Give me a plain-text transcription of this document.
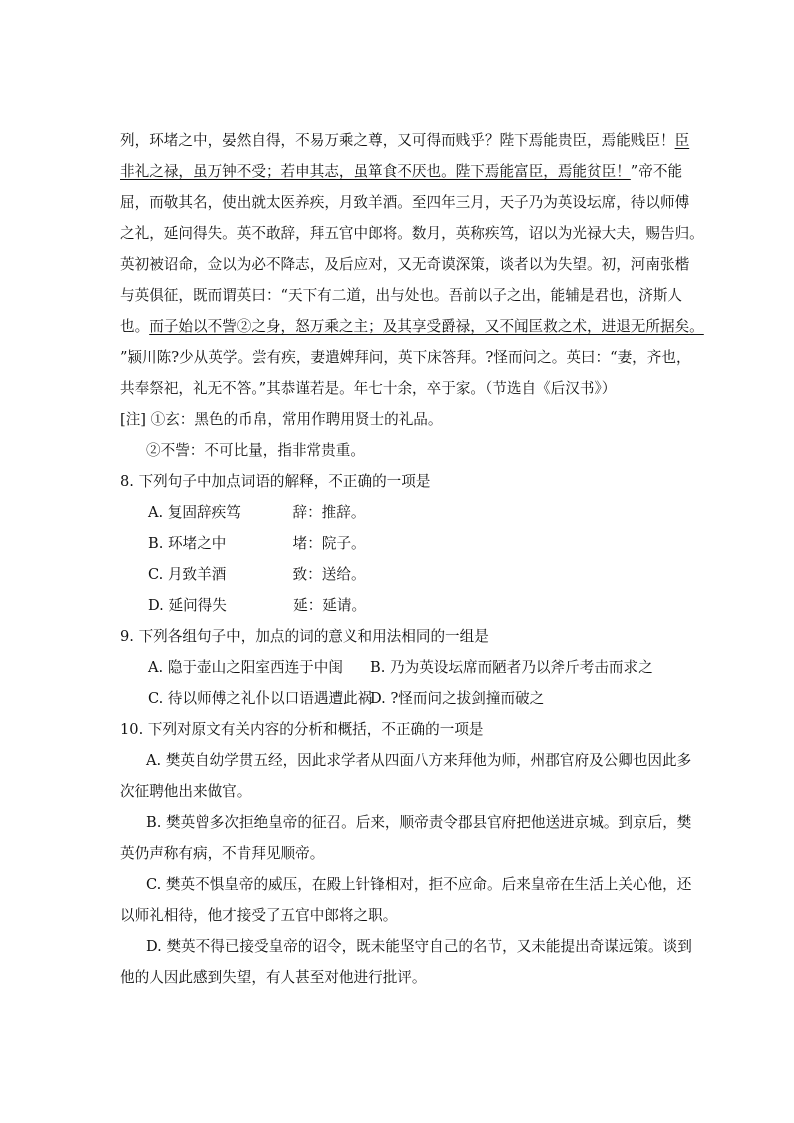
列，环堵之中，晏然自得，不易万乘之尊，又可得而贱乎？陛下焉能贵臣，焉能贱臣！臣
非礼之禄，虽万钟不受；若申其志，虽箪食不厌也。陛下焉能富臣，焉能贫臣！”帝不能
屈，而敬其名，使出就太医养疾，月致羊酒。至四年三月，天子乃为英设坛席，待以师傅
之礼，延问得失。英不敢辞，拜五官中郎将。数月，英称疾笃，诏以为光禄大夫，赐告归。
英初被诏命，佥以为必不降志，及后应对，又无奇谟深策，谈者以为失望。初，河南张楷
与英俱征，既而谓英曰：“天下有二道，出与处也。吾前以子之出，能辅是君也，济斯人
也。而子始以不訾②之身，怒万乘之主；及其享受爵禄，又不闻匡救之术，进退无所据矣。
”颍川陈?少从英学。尝有疾，妻遣婢拜问，英下床答拜。?怪而问之。英曰：“妻，齐也，
共奉祭祀，礼无不答。”其恭谨若是。年七十余，卒于家。（节选自《后汉书》）
[注] ①玄：黑色的币帛，常用作聘用贤士的礼品。
②不訾：不可比量，指非常贵重。
8. 下列句子中加点词语的解释，不正确的一项是
A. 复固辞疾笃	辞：推辞。
B. 环堵之中	堵：院子。
C. 月致羊酒	致：送给。
D. 延问得失	延：延请。
9. 下列各组句子中，加点的词的意义和用法相同的一组是
A. 隐于壶山之阳室西连于中闺 B. 乃为英设坛席而陋者乃以斧斤考击而求之
C. 待以师傅之礼仆以口语遇遭此祸
D. ?怪而问之拔剑撞而破之
10. 下列对原文有关内容的分析和概括，不正确的一项是
A. 樊英自幼学贯五经，因此求学者从四面八方来拜他为师，州郡官府及公卿也因此多
次征聘他出来做官。
B. 樊英曾多次拒绝皇帝的征召。后来，顺帝责令郡县官府把他送进京城。到京后，樊
英仍声称有病，不肯拜见顺帝。
C. 樊英不惧皇帝的威压，在殿上针锋相对，拒不应命。后来皇帝在生活上关心他，还
以师礼相待，他才接受了五官中郎将之职。
D. 樊英不得已接受皇帝的诏令，既未能坚守自己的名节，又未能提出奇谋远策。谈到
他的人因此感到失望，有人甚至对他进行批评。
